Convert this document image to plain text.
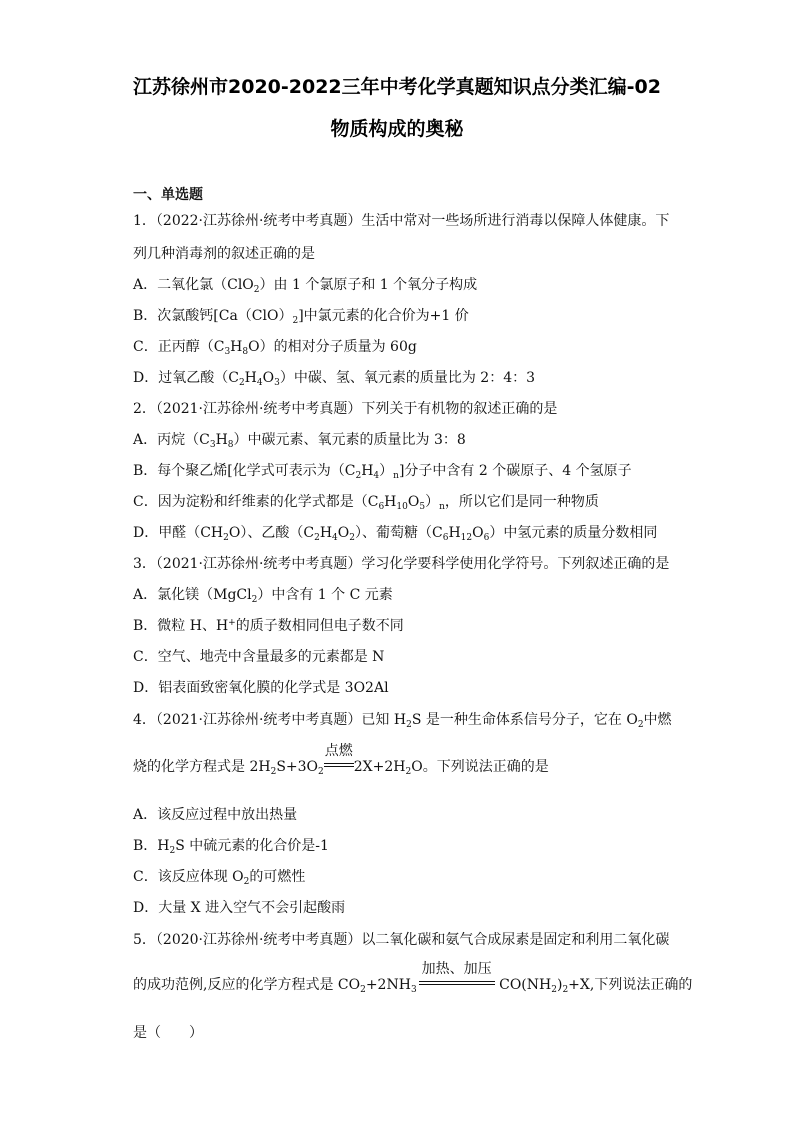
江苏徐州市2020-2022三年中考化学真题知识点分类汇编-02
物质构成的奥秘
一、单选题
1．（2022·江苏徐州·统考中考真题）生活中常对一些场所进行消毒以保障人体健康。下
列几种消毒剂的叙述正确的是
A．二氧化氯（ClO$_2$）由 1 个氯原子和 1 个氧分子构成
B．次氯酸钙$[Ca(ClO)_2]$中氯元素的化合价为+1 价
C．正丙醇$(C_3H_8O)$的相对分子质量为 60g
D．过氧乙酸$(C_2H_4O_3)$中碳、氢、氧元素的质量比为 2：4：3
2．（2021·江苏徐州·统考中考真题）下列关于有机物的叙述正确的是
A．丙烷$(C_3H_8)$中碳元素、氧元素的质量比为 3：8
B．每个聚乙烯[化学式可表示为$(C_2H_4)_n$]分子中含有 2 个碳原子、4 个氢原子
C．因为淀粉和纤维素的化学式都是$(C_6H_{10}O_5)_n$，所以它们是同一种物质
D．甲醛$(CH_2O)$、乙酸$(C_2H_4O_2)$、葡萄糖$(C_6H_{12}O_6)$中氢元素的质量分数相同
3．（2021·江苏徐州·统考中考真题）学习化学要科学使用化学符号。下列叙述正确的是
A．氯化镁（MgCl$_2$）中含有 1 个 C 元素
B．微粒 H、H+的质子数相同但电子数不同
C．空气、地壳中含量最多的元素都是 N
D．铝表面致密氧化膜的化学式是 3O2Al
4．（2021·江苏徐州·统考中考真题）已知 $H_2S$ 是一种生命体系信号分子，它在 $O_2$中燃
烧的化学方程式是 $2H_2S+3O_2$
点燃
$2X+2H_2O$。下列说法正确的是
A．该反应过程中放出热量
B．$H_2S$ 中硫元素的化合价是-1
C．该反应体现 $O_2$的可燃性
D．大量 X 进入空气不会引起酸雨
5．（2020·江苏徐州·统考中考真题）以二氧化碳和氨气合成尿素是固定和利用二氧化碳
的成功范例,反应的化学方程式是 $CO_2+2NH_3$
加热、加压
$CO(NH_2)_2+X$,下列说法正确的
是（　　）
